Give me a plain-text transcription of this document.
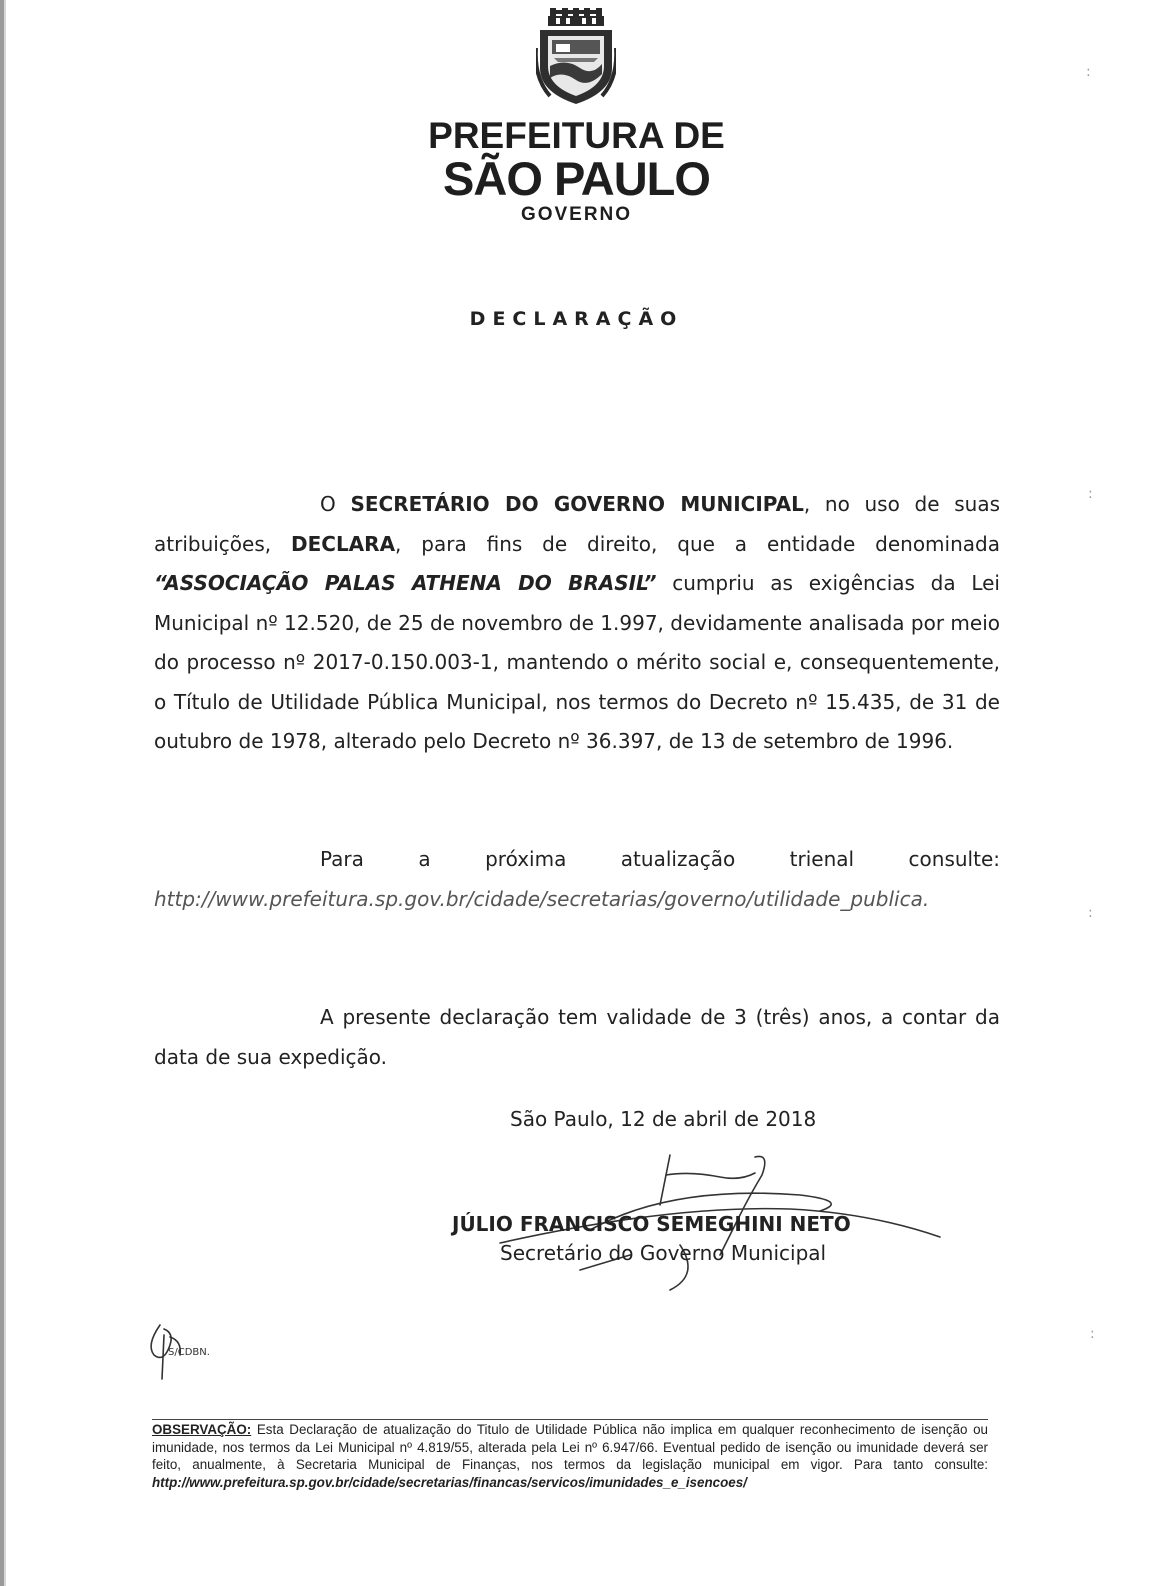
:
:
:
:
PREFEITURA DE
SÃO PAULO
GOVERNO
DECLARAÇÃO
O SECRETÁRIO DO GOVERNO MUNICIPAL, no uso de suas atribuições, DECLARA, para fins de direito, que a entidade denominada “ASSOCIAÇÃO PALAS ATHENA DO BRASIL” cumpriu as exigências da Lei Municipal nº 12.520, de 25 de novembro de 1.997, devidamente analisada por meio do processo nº 2017-0.150.003-1, mantendo o mérito social e, consequentemente, o Título de Utilidade Pública Municipal, nos termos do Decreto nº 15.435, de 31 de outubro de 1978, alterado pelo Decreto nº 36.397, de 13 de setembro de 1996.
Para a próxima atualização trienal consulte:
http://www.prefeitura.sp.gov.br/cidade/secretarias/governo/utilidade_publica.
A presente declaração tem validade de 3 (três) anos, a contar da data de sua expedição.
São Paulo, 12 de abril de 2018
JÚLIO FRANCISCO SEMEGHINI NETO
Secretário do Governo Municipal
S/CDBN.
OBSERVAÇÃO: Esta Declaração de atualização do Titulo de Utilidade Pública não implica em qualquer reconhecimento de isenção ou imunidade, nos termos da Lei Municipal nº 4.819/55, alterada pela Lei nº 6.947/66. Eventual pedido de isenção ou imunidade deverá ser feito, anualmente, à Secretaria Municipal de Finanças, nos termos da legislação municipal em vigor. Para tanto consulte: http://www.prefeitura.sp.gov.br/cidade/secretarias/financas/servicos/imunidades_e_isencoes/
